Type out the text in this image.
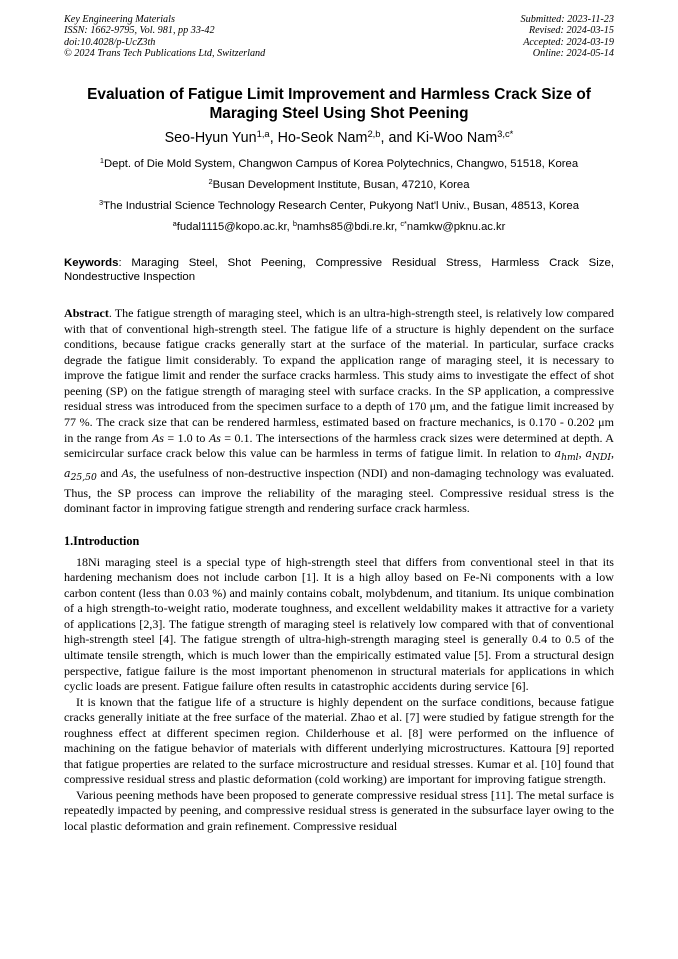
Key Engineering Materials
ISSN: 1662-9795, Vol. 981, pp 33-42
doi:10.4028/p-UcZ3th
© 2024 Trans Tech Publications Ltd, Switzerland
Submitted: 2023-11-23
Revised: 2024-03-15
Accepted: 2024-03-19
Online: 2024-05-14
Evaluation of Fatigue Limit Improvement and Harmless Crack Size of
Maraging Steel Using Shot Peening
Seo-Hyun Yun$^{1,a}$, Ho-Seok Nam$^{2,b}$, and Ki-Woo Nam$^{3,c*}$
$^1$Dept. of Die Mold System, Changwon Campus of Korea Polytechnics, Changwo, 51518, Korea
$^2$Busan Development Institute, Busan, 47210, Korea
$^3$The Industrial Science Technology Research Center, Pukyong Nat'l Univ., Busan, 48513, Korea
$^a$fudal1115@kopo.ac.kr, $^b$namhs85@bdi.re.kr, $^{c*}$namkw@pknu.ac.kr
Keywords: Maraging Steel, Shot Peening, Compressive Residual Stress, Harmless Crack Size, Nondestructive Inspection
Abstract. The fatigue strength of maraging steel, which is an ultra-high-strength steel, is relatively low compared with that of conventional high-strength steel. The fatigue life of a structure is highly dependent on the surface conditions, because fatigue cracks generally start at the surface of the material. In particular, surface cracks degrade the fatigue limit considerably. To expand the application range of maraging steel, it is necessary to improve the fatigue limit and render the surface cracks harmless. This study aims to investigate the effect of shot peening (SP) on the fatigue strength of maraging steel with surface cracks. In the SP application, a compressive residual stress was introduced from the specimen surface to a depth of 170 μm, and the fatigue limit increased by 77 %. The crack size that can be rendered harmless, estimated based on fracture mechanics, is 0.170 - 0.202 μm in the range from As = 1.0 to As = 0.1. The intersections of the harmless crack sizes were determined at depth. A semicircular surface crack below this value can be harmless in terms of fatigue limit. In relation to $a_{hml}$, $a_{NDI}$, $a_{25,50}$ and As, the usefulness of non-destructive inspection (NDI) and non-damaging technology was evaluated. Thus, the SP process can improve the reliability of the maraging steel. Compressive residual stress is the dominant factor in improving fatigue strength and rendering surface crack harmless.
1.Introduction
18Ni maraging steel is a special type of high-strength steel that differs from conventional steel in that its hardening mechanism does not include carbon [1]. It is a high alloy based on Fe-Ni components with a low carbon content (less than 0.03 %) and mainly contains cobalt, molybdenum, and titanium. Its unique combination of a high strength-to-weight ratio, moderate toughness, and excellent weldability makes it attractive for a variety of applications [2,3]. The fatigue strength of maraging steel is relatively low compared with that of conventional high-strength steel [4]. The fatigue strength of ultra-high-strength maraging steel is generally 0.4 to 0.5 of the ultimate tensile strength, which is much lower than the empirically estimated value [5]. From a structural design perspective, fatigue failure is the most important phenomenon in structural materials for applications in which cyclic loads are present. Fatigue failure often results in catastrophic accidents during service [6].
It is known that the fatigue life of a structure is highly dependent on the surface conditions, because fatigue cracks generally initiate at the free surface of the material. Zhao et al. [7] were studied by fatigue strength for the roughness effect at different specimen region. Childerhouse et al. [8] were performed on the influence of machining on the fatigue behavior of materials with different underlying microstructures. Kattoura [9] reported that fatigue properties are related to the surface microstructure and residual stresses. Kumar et al. [10] found that compressive residual stress and plastic deformation (cold working) are important for improving fatigue strength.
Various peening methods have been proposed to generate compressive residual stress [11]. The metal surface is repeatedly impacted by peening, and compressive residual stress is generated in the subsurface layer owing to the local plastic deformation and grain refinement. Compressive residual
